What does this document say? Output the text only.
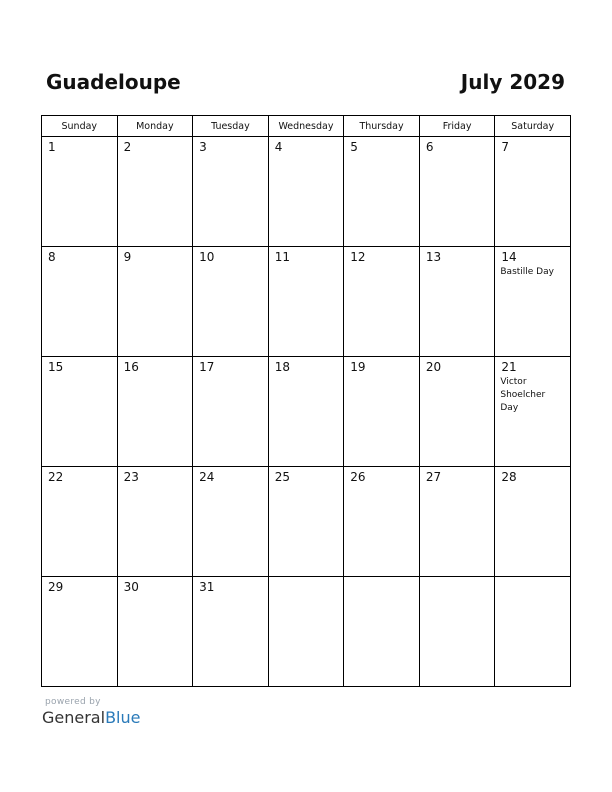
Guadeloupe	July 2029
Sunday	Monday	Tuesday	Wednesday	Thursday	Friday	Saturday

1	2	3	4	5	6	7

8	9	10	11	12	13	14
Bastille Day

15	16	17	18	19	20	21
Victor
Shoelcher
Day

22	23	24	25	26	27	28

29	30	31				

powered by
GeneralBlue
